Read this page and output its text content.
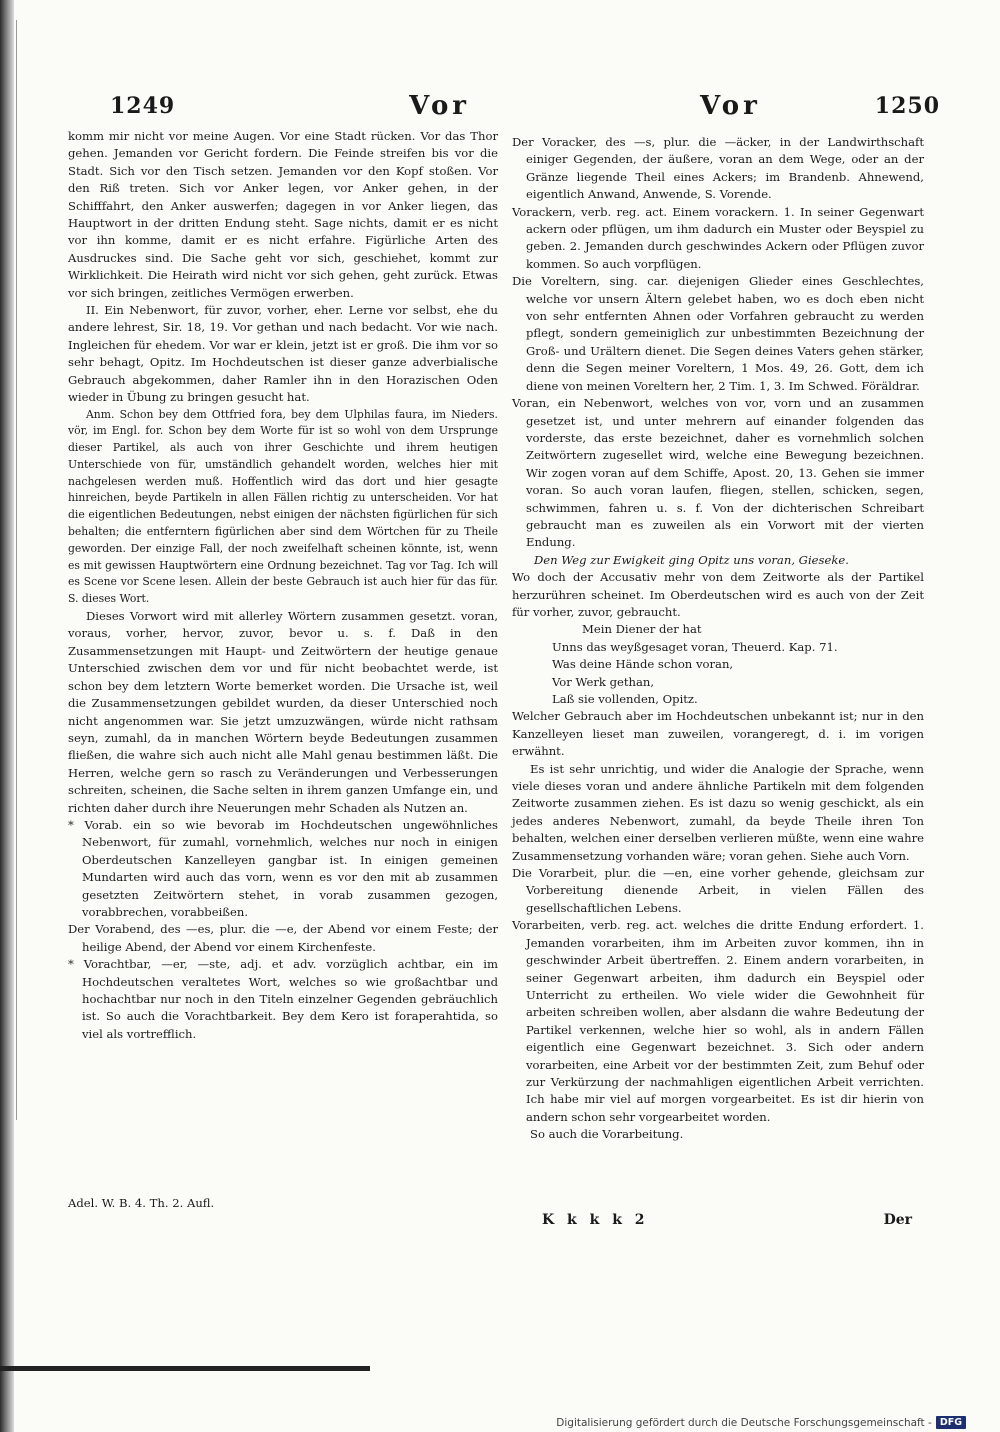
1249	Vor	Vor	1250

komm mir nicht vor meine Augen. Vor eine Stadt rücken. Vor das Thor gehen. Jemanden vor Gericht fordern. Die Feinde streifen bis vor die Stadt. Sich vor den Tisch setzen. Jemanden vor den Kopf stoßen. Vor den Riß treten. Sich vor Anker legen, vor Anker gehen, in der Schifffahrt, den Anker auswerfen; dagegen in vor Anker liegen, das Hauptwort in der dritten Endung steht. Sage nichts, damit er es nicht vor ihn komme, damit er es nicht erfahre. Figürliche Arten des Ausdruckes sind. Die Sache geht vor sich, geschiehet, kommt zur Wirklichkeit. Die Heirath wird nicht vor sich gehen, geht zurück. Etwas vor sich bringen, zeitliches Vermögen erwerben.

II. Ein Nebenwort, für zuvor, vorher, eher. Lerne vor selbst, ehe du andere lehrest, Sir. 18, 19. Vor gethan und nach bedacht. Vor wie nach. Ingleichen für ehedem. Vor war er klein, jetzt ist er groß. Die ihm vor so sehr behagt, Opitz. Im Hochdeutschen ist dieser ganze adverbialische Gebrauch abgekommen, daher Ramler ihn in den Horazischen Oden wieder in Übung zu bringen gesucht hat.

Anm. Schon bey dem Ottfried fora, bey dem Ulphilas faura, im Nieders. vör, im Engl. for. Schon bey dem Worte für ist so wohl von dem Ursprunge dieser Partikel, als auch von ihrer Geschichte und ihrem heutigen Unterschiede von für, umständlich gehandelt worden, welches hier mit nachgelesen werden muß. Hoffentlich wird das dort und hier gesagte hinreichen, beyde Partikeln in allen Fällen richtig zu unterscheiden. Vor hat die eigentlichen Bedeutungen, nebst einigen der nächsten figürlichen für sich behalten; die entferntern figürlichen aber sind dem Wörtchen für zu Theile geworden. Der einzige Fall, der noch zweifelhaft scheinen könnte, ist, wenn es mit gewissen Hauptwörtern eine Ordnung bezeichnet. Tag vor Tag. Ich will es Scene vor Scene lesen. Allein der beste Gebrauch ist auch hier für das für. S. dieses Wort.

Dieses Vorwort wird mit allerley Wörtern zusammen gesetzt. voran, voraus, vorher, hervor, zuvor, bevor u. s. f. Daß in den Zusammensetzungen mit Haupt- und Zeitwörtern der heutige genaue Unterschied zwischen dem vor und für nicht beobachtet werde, ist schon bey dem letztern Worte bemerket worden. Die Ursache ist, weil die Zusammensetzungen gebildet wurden, da dieser Unterschied noch nicht angenommen war. Sie jetzt umzuzwängen, würde nicht rathsam seyn, zumahl, da in manchen Wörtern beyde Bedeutungen zusammen fließen, die wahre sich auch nicht alle Mahl genau bestimmen läßt. Die Herren, welche gern so rasch zu Veränderungen und Verbesserungen schreiten, scheinen, die Sache selten in ihrem ganzen Umfange ein, und richten daher durch ihre Neuerungen mehr Schaden als Nutzen an.

* Vorab. ein so wie bevorab im Hochdeutschen ungewöhnliches Nebenwort, für zumahl, vornehmlich, welches nur noch in einigen Oberdeutschen Kanzelleyen gangbar ist. In einigen gemeinen Mundarten wird auch das vorn, wenn es vor den mit ab zusammen gesetzten Zeitwörtern stehet, in vorab zusammen gezogen, vorabbrechen, vorabbeißen.

Der Vorabend, des —es, plur. die —e, der Abend vor einem Feste; der heilige Abend, der Abend vor einem Kirchenfeste.

* Vorachtbar, —er, —ste, adj. et adv. vorzüglich achtbar, ein im Hochdeutschen veraltetes Wort, welches so wie großachtbar und hochachtbar nur noch in den Titeln einzelner Gegenden gebräuchlich ist. So auch die Vorachtbarkeit. Bey dem Kero ist foraperahtida, so viel als vortrefflich.

Adel. W. B. 4. Th. 2. Aufl.

Der Voracker, des —s, plur. die —äcker, in der Landwirthschaft einiger Gegenden, der äußere, voran an dem Wege, oder an der Gränze liegende Theil eines Ackers; im Brandenb. Ahnewend, eigentlich Anwand, Anwende, S. Vorende.

Vorackern, verb. reg. act. Einem vorackern. 1. In seiner Gegenwart ackern oder pflügen, um ihm dadurch ein Muster oder Beyspiel zu geben. 2. Jemanden durch geschwindes Ackern oder Pflügen zuvor kommen. So auch vorpflügen.

Die Voreltern, sing. car. diejenigen Glieder eines Geschlechtes, welche vor unsern Ältern gelebet haben, wo es doch eben nicht von sehr entfernten Ahnen oder Vorfahren gebraucht zu werden pflegt, sondern gemeiniglich zur unbestimmten Bezeichnung der Groß- und Urältern dienet. Die Segen deines Vaters gehen stärker, denn die Segen meiner Voreltern, 1 Mos. 49, 26. Gott, dem ich diene von meinen Voreltern her, 2 Tim. 1, 3. Im Schwed. Föräldrar.

Voran, ein Nebenwort, welches von vor, vorn und an zusammen gesetzet ist, und unter mehrern auf einander folgenden das vorderste, das erste bezeichnet, daher es vornehmlich solchen Zeitwörtern zugesellet wird, welche eine Bewegung bezeichnen. Wir zogen voran auf dem Schiffe, Apost. 20, 13. Gehen sie immer voran. So auch voran laufen, fliegen, stellen, schicken, segen, schwimmen, fahren u. s. f. Von der dichterischen Schreibart gebraucht man es zuweilen als ein Vorwort mit der vierten Endung.

Den Weg zur Ewigkeit ging Opitz uns voran, Gieseke.

Wo doch der Accusativ mehr von dem Zeitworte als der Partikel herzurühren scheinet. Im Oberdeutschen wird es auch von der Zeit für vorher, zuvor, gebraucht.

Mein Diener der hat

Unns das weyßgesaget voran, Theuerd. Kap. 71.

Was deine Hände schon voran,

Vor Werk gethan,

Laß sie vollenden, Opitz.

Welcher Gebrauch aber im Hochdeutschen unbekannt ist; nur in den Kanzelleyen lieset man zuweilen, vorangeregt, d. i. im vorigen erwähnt.

Es ist sehr unrichtig, und wider die Analogie der Sprache, wenn viele dieses voran und andere ähnliche Partikeln mit dem folgenden Zeitworte zusammen ziehen. Es ist dazu so wenig geschickt, als ein jedes anderes Nebenwort, zumahl, da beyde Theile ihren Ton behalten, welchen einer derselben verlieren müßte, wenn eine wahre Zusammensetzung vorhanden wäre; voran gehen. Siehe auch Vorn.

Die Vorarbeit, plur. die —en, eine vorher gehende, gleichsam zur Vorbereitung dienende Arbeit, in vielen Fällen des gesellschaftlichen Lebens.

Vorarbeiten, verb. reg. act. welches die dritte Endung erfordert. 1. Jemanden vorarbeiten, ihm im Arbeiten zuvor kommen, ihn in geschwinder Arbeit übertreffen. 2. Einem andern vorarbeiten, in seiner Gegenwart arbeiten, ihm dadurch ein Beyspiel oder Unterricht zu ertheilen. Wo viele wider die Gewohnheit für arbeiten schreiben wollen, aber alsdann die wahre Bedeutung der Partikel verkennen, welche hier so wohl, als in andern Fällen eigentlich eine Gegenwart bezeichnet. 3. Sich oder andern vorarbeiten, eine Arbeit vor der bestimmten Zeit, zum Behuf oder zur Verkürzung der nachmahligen eigentlichen Arbeit verrichten. Ich habe mir viel auf morgen vorgearbeitet. Es ist dir hierin von andern schon sehr vorgearbeitet worden.

So auch die Vorarbeitung.

K k k k 2	Der
Digitalisierung gefördert durch die Deutsche Forschungsgemeinschaft - DFG
